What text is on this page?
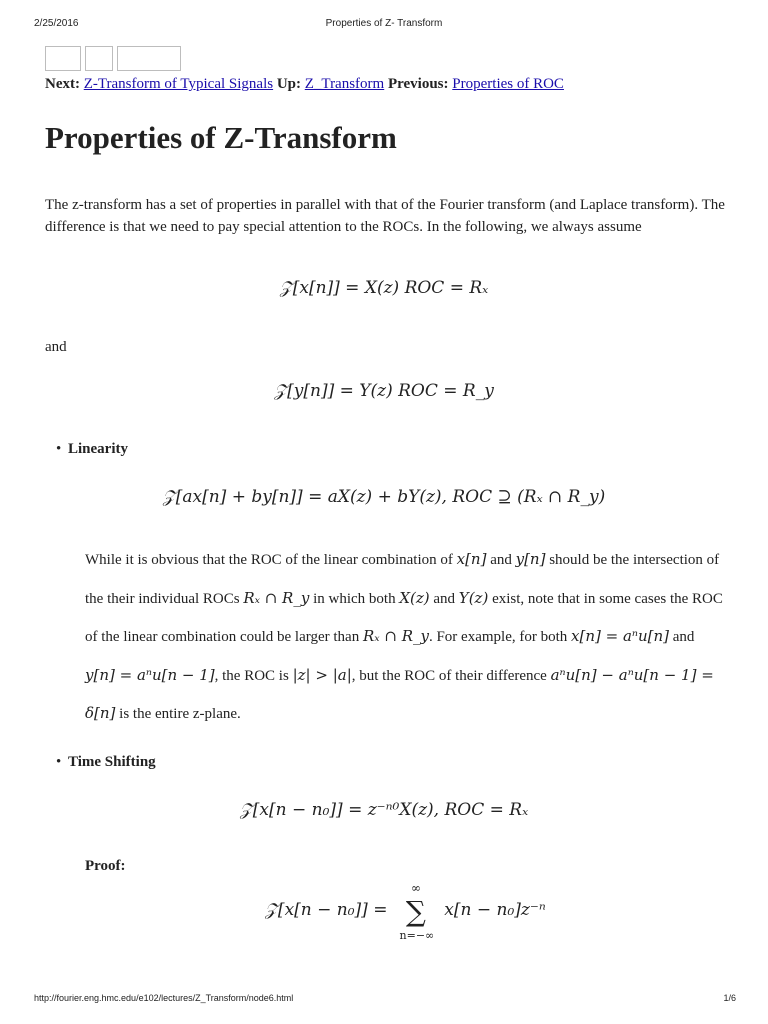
2/25/2016	Properties of Z- Transform
Next: Z-Transform of Typical Signals Up: Z_Transform Previous: Properties of ROC
Properties of Z-Transform

The z-transform has a set of properties in parallel with that of the Fourier transform (and Laplace transform). The difference is that we need to pay special attention to the ROCs. In the following, we always assume

𝒵[x[n]] = X(z) ROC = Rₓ

and

𝒵[y[n]] = Y(z) ROC = R_y
• Linearity
𝒵[ax[n] + by[n]] = aX(z) + bY(z), ROC ⊇ (Rₓ ∩ R_y)

While it is obvious that the ROC of the linear combination of x[n] and y[n] should be the intersection of the their individual ROCs Rₓ ∩ R_y in which both X(z) and Y(z) exist, note that in some cases the ROC of the linear combination could be larger than Rₓ ∩ R_y. For example, for both x[n] = aⁿu[n] and y[n] = aⁿu[n − 1], the ROC is |z| > |a|, but the ROC of their difference aⁿu[n] − aⁿu[n − 1] = δ[n] is the entire z-plane.

• Time Shifting
𝒵[x[n − n₀]] = z⁻ⁿ⁰X(z), ROC = Rₓ
Proof:
𝒵[x[n − n₀]] = ∑
∞
n=−∞
x[n − n₀]z⁻ⁿ
http://fourier.eng.hmc.edu/e102/lectures/Z_Transform/node6.html	1/6
